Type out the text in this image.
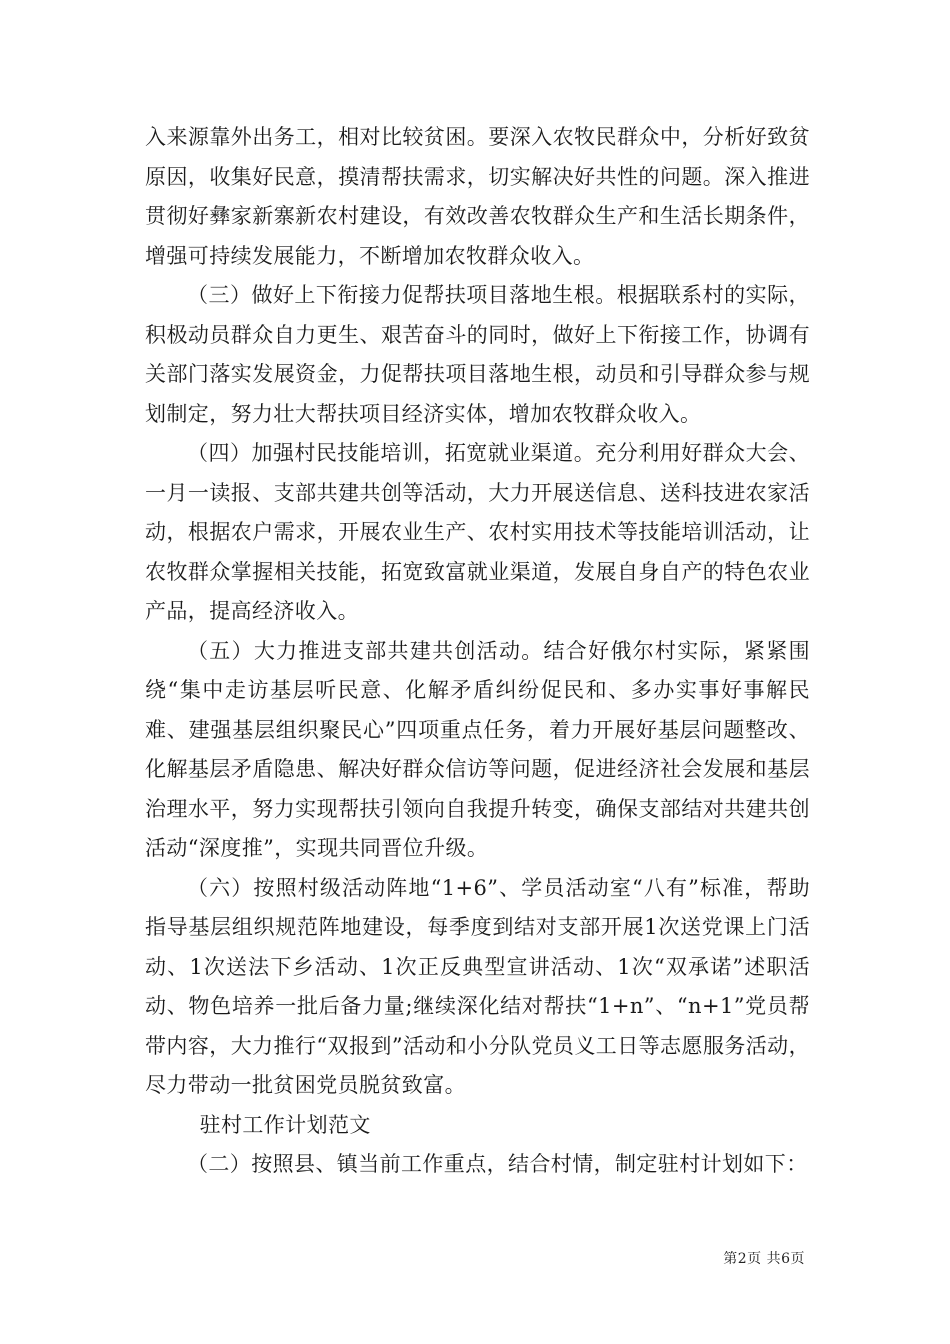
入来源靠外出务工，相对比较贫困。要深入农牧民群众中，分析好致贫原因，收集好民意，摸清帮扶需求，切实解决好共性的问题。深入推进贯彻好彝家新寨新农村建设，有效改善农牧群众生产和生活长期条件，增强可持续发展能力，不断增加农牧群众收入。

（三）做好上下衔接力促帮扶项目落地生根。根据联系村的实际，积极动员群众自力更生、艰苦奋斗的同时，做好上下衔接工作，协调有关部门落实发展资金，力促帮扶项目落地生根，动员和引导群众参与规划制定，努力壮大帮扶项目经济实体，增加农牧群众收入。

（四）加强村民技能培训，拓宽就业渠道。充分利用好群众大会、一月一读报、支部共建共创等活动，大力开展送信息、送科技进农家活动，根据农户需求，开展农业生产、农村实用技术等技能培训活动，让农牧群众掌握相关技能，拓宽致富就业渠道，发展自身自产的特色农业产品，提高经济收入。

（五）大力推进支部共建共创活动。结合好俄尔村实际，紧紧围绕“集中走访基层听民意、化解矛盾纠纷促民和、多办实事好事解民难、建强基层组织聚民心”四项重点任务，着力开展好基层问题整改、化解基层矛盾隐患、解决好群众信访等问题，促进经济社会发展和基层治理水平，努力实现帮扶引领向自我提升转变，确保支部结对共建共创活动“深度推”，实现共同晋位升级。

（六）按照村级活动阵地“1+6”、学员活动室“八有”标准，帮助指导基层组织规范阵地建设，每季度到结对支部开展1次送党课上门活动、1次送法下乡活动、1次正反典型宣讲活动、1次“双承诺”述职活动、物色培养一批后备力量;继续深化结对帮扶“1+n”、“n+1”党员帮带内容，大力推行“双报到”活动和小分队党员义工日等志愿服务活动，尽力带动一批贫困党员脱贫致富。

驻村工作计划范文

（二）按照县、镇当前工作重点，结合村情，制定驻村计划如下：

第2页 共6页
